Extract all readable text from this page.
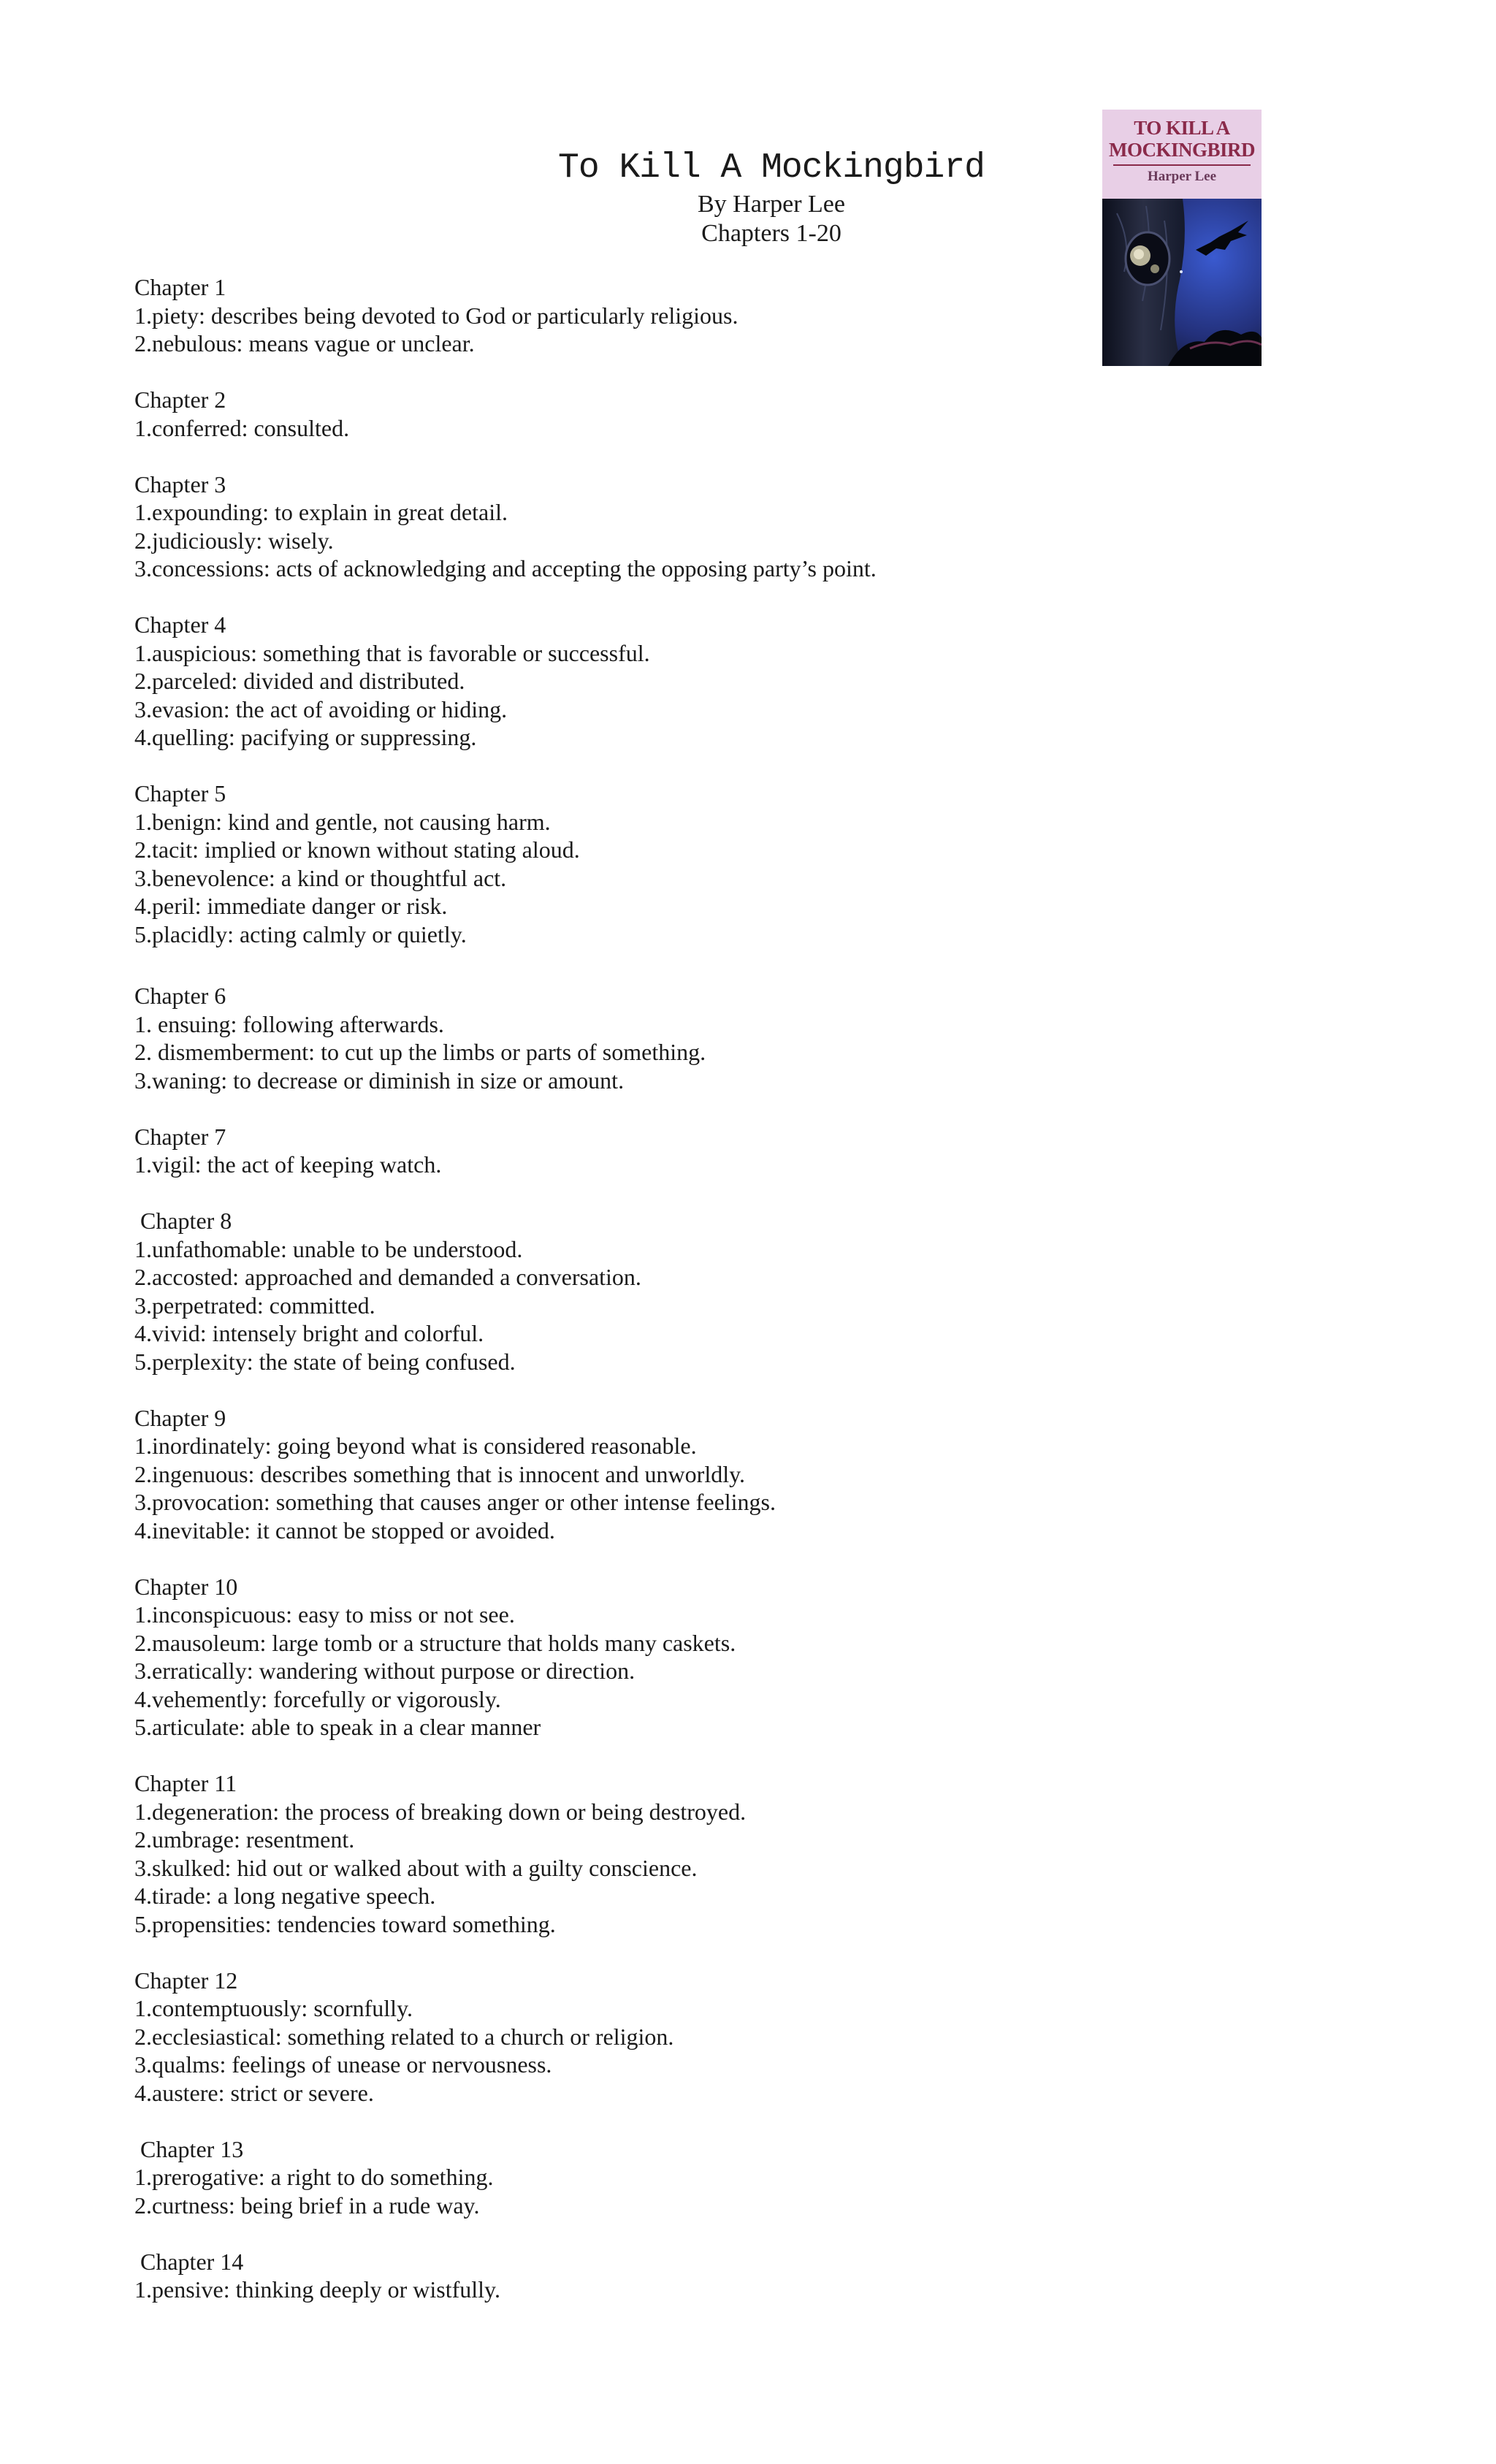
To Kill A Mockingbird
By Harper Lee
Chapters 1-20
TO KILL A
MOCKINGBIRD
Harper Lee
Chapter 1
1.piety: describes being devoted to God or particularly religious.
2.nebulous: means vague or unclear.
Chapter 2
1.conferred: consulted.
Chapter 3
1.expounding: to explain in great detail.
2.judiciously: wisely.
3.concessions: acts of acknowledging and accepting the opposing party’s point.
Chapter 4
1.auspicious: something that is favorable or successful.
2.parceled: divided and distributed.
3.evasion: the act of avoiding or hiding.
4.quelling: pacifying or suppressing.
Chapter 5
1.benign: kind and gentle, not causing harm.
2.tacit: implied or known without stating aloud.
3.benevolence: a kind or thoughtful act.
4.peril: immediate danger or risk.
5.placidly: acting calmly or quietly.
Chapter 6
1. ensuing: following afterwards.
2. dismemberment: to cut up the limbs or parts of something.
3.waning: to decrease or diminish in size or amount.
Chapter 7
1.vigil: the act of keeping watch.
Chapter 8
1.unfathomable: unable to be understood.
2.accosted: approached and demanded a conversation.
3.perpetrated: committed.
4.vivid: intensely bright and colorful.
5.perplexity: the state of being confused.
Chapter 9
1.inordinately: going beyond what is considered reasonable.
2.ingenuous: describes something that is innocent and unworldly.
3.provocation: something that causes anger or other intense feelings.
4.inevitable: it cannot be stopped or avoided.
Chapter 10
1.inconspicuous: easy to miss or not see.
2.mausoleum: large tomb or a structure that holds many caskets.
3.erratically: wandering without purpose or direction.
4.vehemently: forcefully or vigorously.
5.articulate: able to speak in a clear manner
Chapter 11
1.degeneration: the process of breaking down or being destroyed.
2.umbrage: resentment.
3.skulked: hid out or walked about with a guilty conscience.
4.tirade: a long negative speech.
5.propensities: tendencies toward something.
Chapter 12
1.contemptuously: scornfully.
2.ecclesiastical: something related to a church or religion.
3.qualms: feelings of unease or nervousness.
4.austere: strict or severe.
Chapter 13
1.prerogative: a right to do something.
2.curtness: being brief in a rude way.
Chapter 14
1.pensive: thinking deeply or wistfully.
